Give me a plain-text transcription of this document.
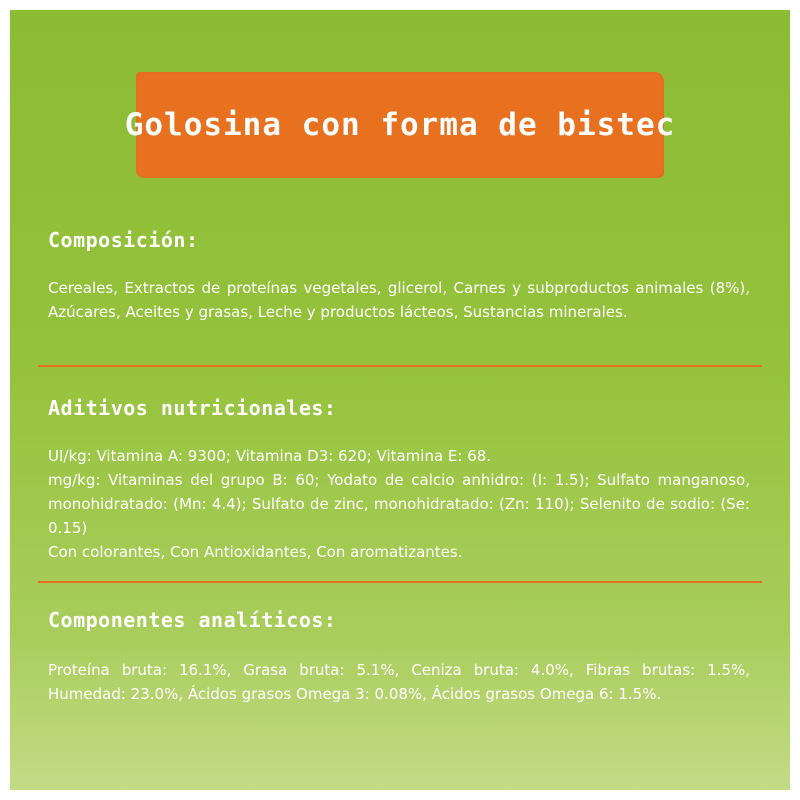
Golosina con forma de bistec
Composición:

Cereales, Extractos de proteínas vegetales, glicerol, Carnes y subproductos animales (8%), Azúcares, Aceites y grasas, Leche y productos lácteos, Sustancias minerales.

Aditivos nutricionales:
UI/kg: Vitamina A: 9300; Vitamina D3: 620; Vitamina E: 68.
mg/kg: Vitaminas del grupo B: 60; Yodato de calcio anhidro: (I: 1.5); Sulfato manganoso, monohidratado: (Mn: 4.4); Sulfato de zinc, monohidratado: (Zn: 110); Selenito de sodio: (Se: 0.15)
Con colorantes, Con Antioxidantes, Con aromatizantes.
Componentes analíticos:

Proteína bruta: 16.1%, Grasa bruta: 5.1%, Ceniza bruta: 4.0%, Fibras brutas: 1.5%, Humedad: 23.0%, Ácidos grasos Omega 3: 0.08%, Ácidos grasos Omega 6: 1.5%.
